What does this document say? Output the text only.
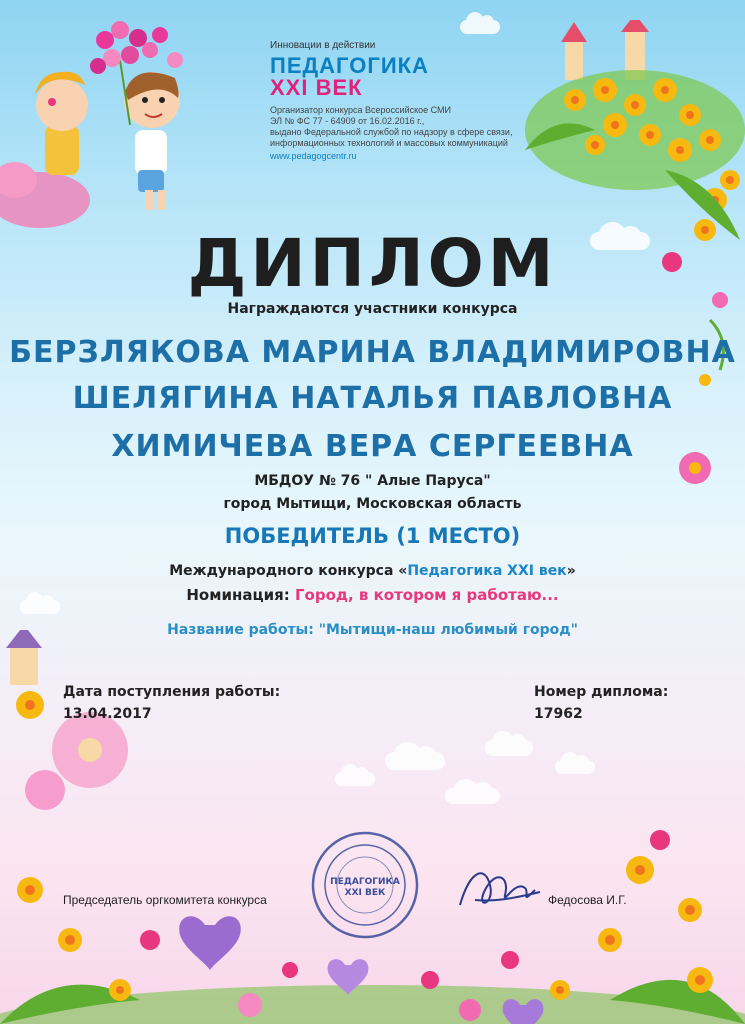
Инновации в действии
ПЕДАГОГИКА
XXI ВЕК
Организатор конкурса Всероссийское СМИ
ЭЛ № ФС 77 - 64909 от 16.02.2016 г.,
выдано Федеральной службой по надзору в сфере связи,
информационных технологий и массовых коммуникаций
www.pedagogcentr.ru
ДИПЛОМ
Награждаются участники конкурса
БЕРЗЛЯКОВА МАРИНА ВЛАДИМИРОВНА
ШЕЛЯГИНА НАТАЛЬЯ ПАВЛОВНА
ХИМИЧЕВА ВЕРА СЕРГЕЕВНА
МБДОУ № 76 " Алые Паруса"
город Мытищи, Московская область
ПОБЕДИТЕЛЬ (1 МЕСТО)
Международного конкурса «Педагогика XXI век»
Номинация: Город, в котором я работаю...
Название работы: "Мытищи-наш любимый город"
Дата поступления работы:
13.04.2017
Номер диплома:
17962
ПЕДАГОГИКА
XXI ВЕК
Председатель оргкомитета конкурса	Федосова И.Г.
